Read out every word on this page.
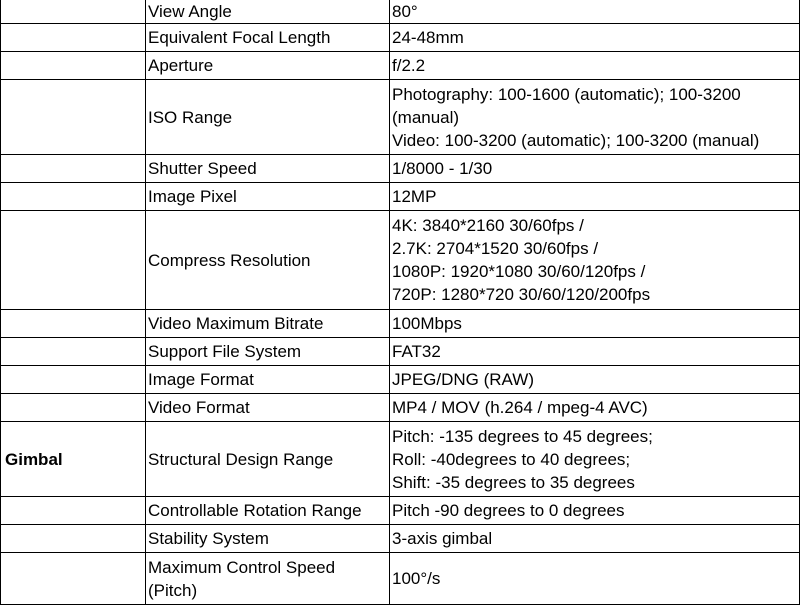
	View Angle	80°

	Equivalent Focal Length	24-48mm

	Aperture	f/2.2

	ISO Range	Photography: 100-1600 (automatic); 100-3200
(manual)
Video: 100-3200 (automatic); 100-3200 (manual)

	Shutter Speed	1/8000 - 1/30

	Image Pixel	12MP

	Compress Resolution	4K: 3840*2160 30/60fps /
2.7K: 2704*1520 30/60fps /
1080P: 1920*1080 30/60/120fps /
720P: 1280*720 30/60/120/200fps

	Video Maximum Bitrate	100Mbps

	Support File System	FAT32

	Image Format	JPEG/DNG (RAW)

	Video Format	MP4 / MOV (h.264 / mpeg-4 AVC)

Gimbal	Structural Design Range	Pitch: -135 degrees to 45 degrees;
Roll: -40degrees to 40 degrees;
Shift: -35 degrees to 35 degrees

	Controllable Rotation Range	Pitch -90 degrees to 0 degrees

	Stability System	3-axis gimbal

	Maximum Control Speed
(Pitch)	100°/s
